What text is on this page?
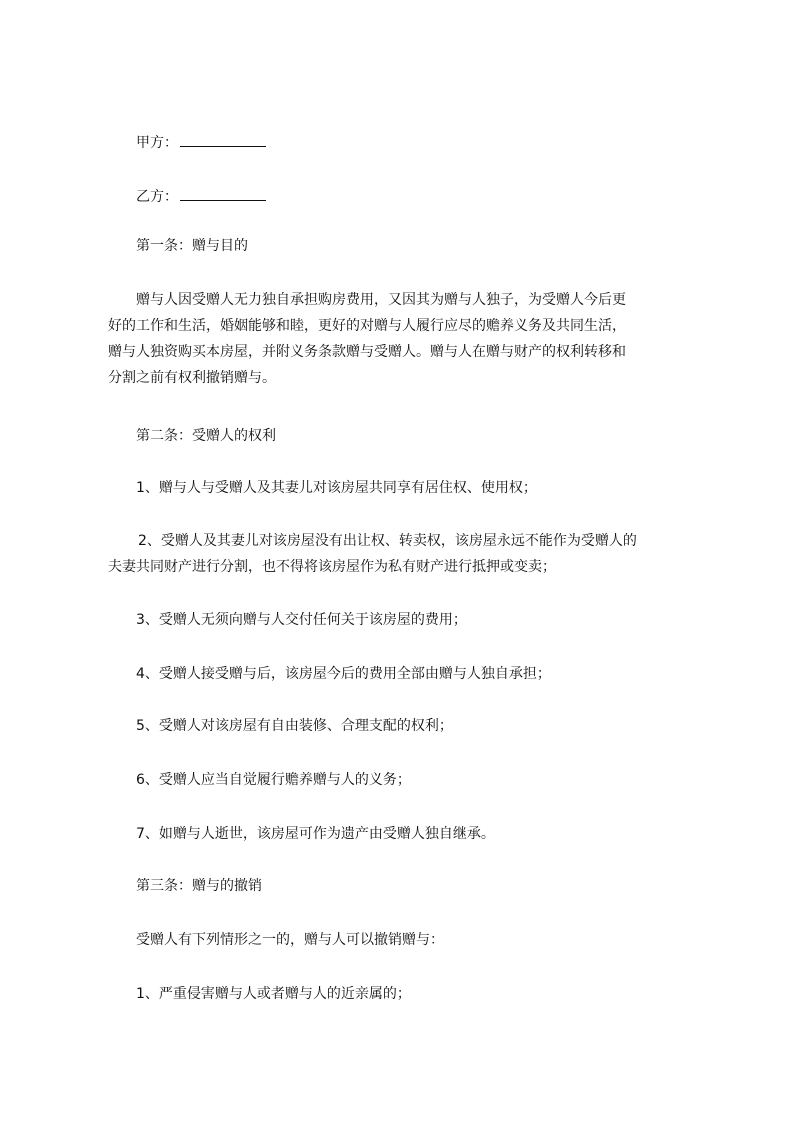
甲方：
乙方：
第一条：赠与目的
赠与人因受赠人无力独自承担购房费用，又因其为赠与人独子，为受赠人今后更
好的工作和生活，婚姻能够和睦，更好的对赠与人履行应尽的赡养义务及共同生活，
赠与人独资购买本房屋，并附义务条款赠与受赠人。赠与人在赠与财产的权利转移和
分割之前有权利撤销赠与。
第二条：受赠人的权利
1、赠与人与受赠人及其妻儿对该房屋共同享有居住权、使用权；
2、受赠人及其妻儿对该房屋没有出让权、转卖权，该房屋永远不能作为受赠人的
夫妻共同财产进行分割，也不得将该房屋作为私有财产进行抵押或变卖；
3、受赠人无须向赠与人交付任何关于该房屋的费用；
4、受赠人接受赠与后，该房屋今后的费用全部由赠与人独自承担；
5、受赠人对该房屋有自由装修、合理支配的权利；
6、受赠人应当自觉履行赡养赠与人的义务；
7、如赠与人逝世，该房屋可作为遗产由受赠人独自继承。
第三条：赠与的撤销
受赠人有下列情形之一的，赠与人可以撤销赠与：
1、严重侵害赠与人或者赠与人的近亲属的；
